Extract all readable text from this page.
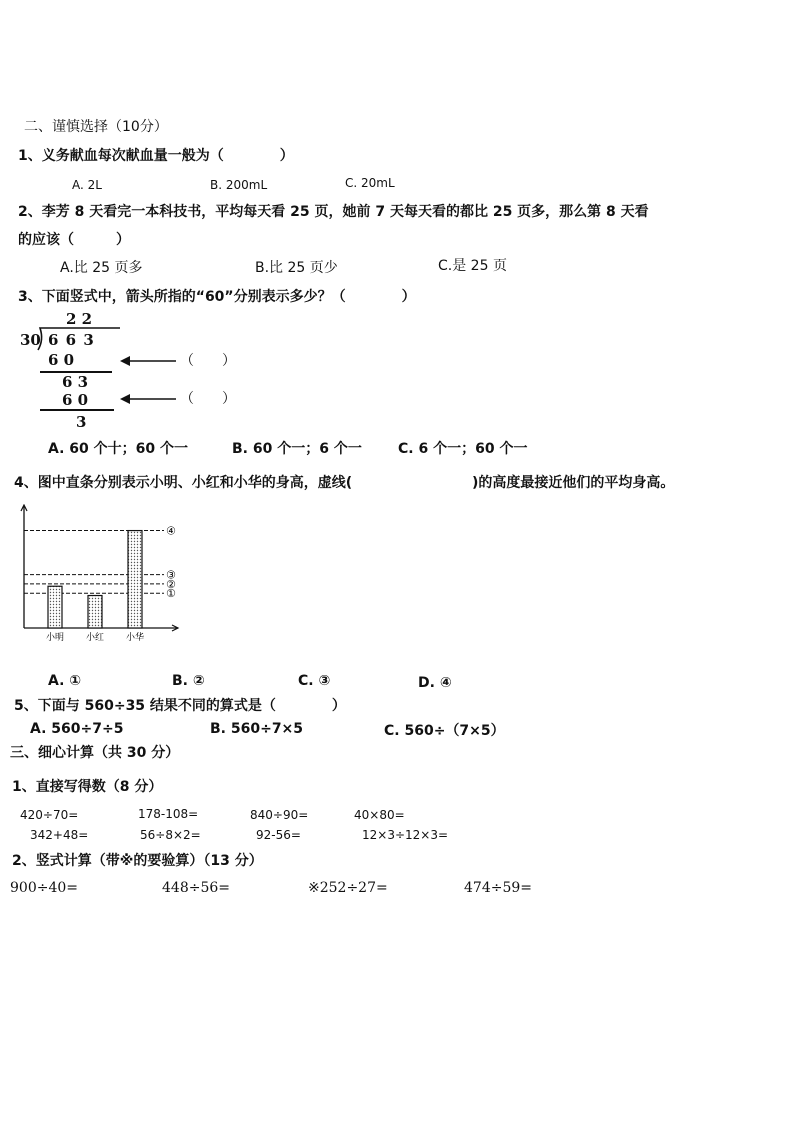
二、谨慎选择（10分）
1、义务献血每次献血量一般为（　　　　）
A. 2L	B. 200mL	C. 20mL
2、李芳 8 天看完一本科技书，平均每天看 25 页，她前 7 天每天看的都比 25 页多，那么第 8 天看
的应该（　　　）
A.比 25 页多	B.比 25 页少	C.是 25 页
3、下面竖式中，箭头所指的“60”分别表示多少？（　　　　）
2 2
30 6 6 3
6 0
6 3
6 0
3
（　　）
（　　）
A. 60 个十；60 个一	B. 60 个一；6 个一	C. 6 个一；60 个一
4、图中直条分别表示小明、小红和小华的身高，虚线(	)的高度最接近他们的平均身高。
①
②
③
④
小明 小红 小华
A. ①	B. ②	C. ③	D. ④
5、下面与 560÷35 结果不同的算式是（　　　　）
A. 560÷7÷5	B. 560÷7×5	C. 560÷（7×5）
三、细心计算（共 30 分）
1、直接写得数（8 分）
420÷70=	178-108=	840÷90=	40×80=
342+48=	56÷8×2=	92-56=	12×3÷12×3=
2、竖式计算（带※的要验算）（13 分）
900÷40=	448÷56=	※252÷27=	474÷59=
